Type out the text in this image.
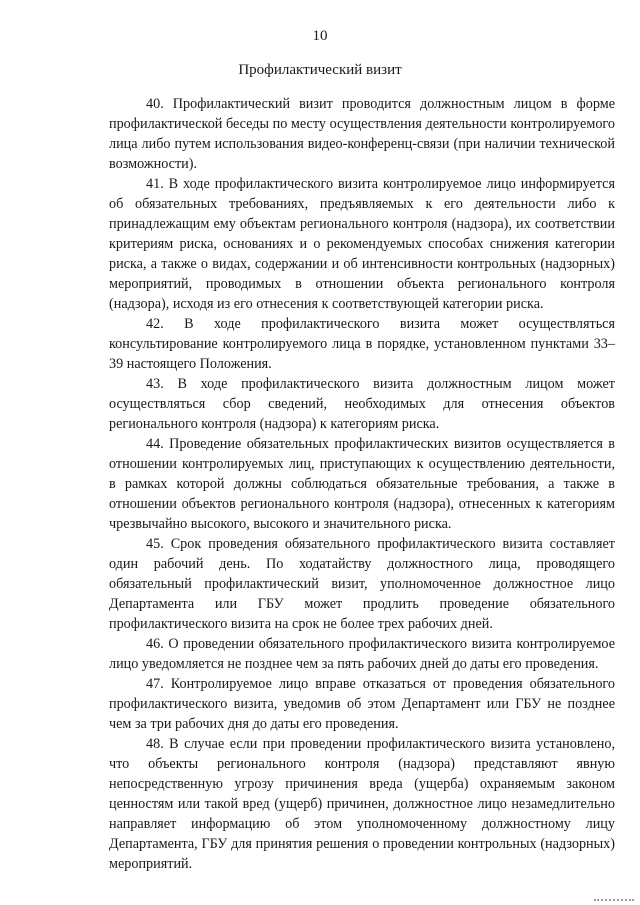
10
Профилактический визит

40. Профилактический визит проводится должностным лицом в форме профилактической беседы по месту осуществления деятельности контролируемого лица либо путем использования видео-конференц-связи (при наличии технической возможности).

41. В ходе профилактического визита контролируемое лицо информируется об обязательных требованиях, предъявляемых к его деятельности либо к принадлежащим ему объектам регионального контроля (надзора), их соответствии критериям риска, основаниях и о рекомендуемых способах снижения категории риска, а также о видах, содержании и об интенсивности контрольных (надзорных) мероприятий, проводимых в отношении объекта регионального контроля (надзора), исходя из его отнесения к соответствующей категории риска.

42. В ходе профилактического визита может осуществляться консультирование контролируемого лица в порядке, установленном пунктами 33–39 настоящего Положения.

43. В ходе профилактического визита должностным лицом может осуществляться сбор сведений, необходимых для отнесения объектов регионального контроля (надзора) к категориям риска.

44. Проведение обязательных профилактических визитов осуществляется в отношении контролируемых лиц, приступающих к осуществлению деятельности, в рамках которой должны соблюдаться обязательные требования, а также в отношении объектов регионального контроля (надзора), отнесенных к категориям чрезвычайно высокого, высокого и значительного риска.

45. Срок проведения обязательного профилактического визита составляет один рабочий день. По ходатайству должностного лица, проводящего обязательный профилактический визит, уполномоченное должностное лицо Департамента или ГБУ может продлить проведение обязательного профилактического визита на срок не более трех рабочих дней.

46. О проведении обязательного профилактического визита контролируемое лицо уведомляется не позднее чем за пять рабочих дней до даты его проведения.

47. Контролируемое лицо вправе отказаться от проведения обязательного профилактического визита, уведомив об этом Департамент или ГБУ не позднее чем за три рабочих дня до даты его проведения.

48. В случае если при проведении профилактического визита установлено, что объекты регионального контроля (надзора) представляют явную непосредственную угрозу причинения вреда (ущерба) охраняемым законом ценностям или такой вред (ущерб) причинен, должностное лицо незамедлительно направляет информацию об этом уполномоченному должностному лицу Департамента, ГБУ для принятия решения о проведении контрольных (надзорных) мероприятий.
